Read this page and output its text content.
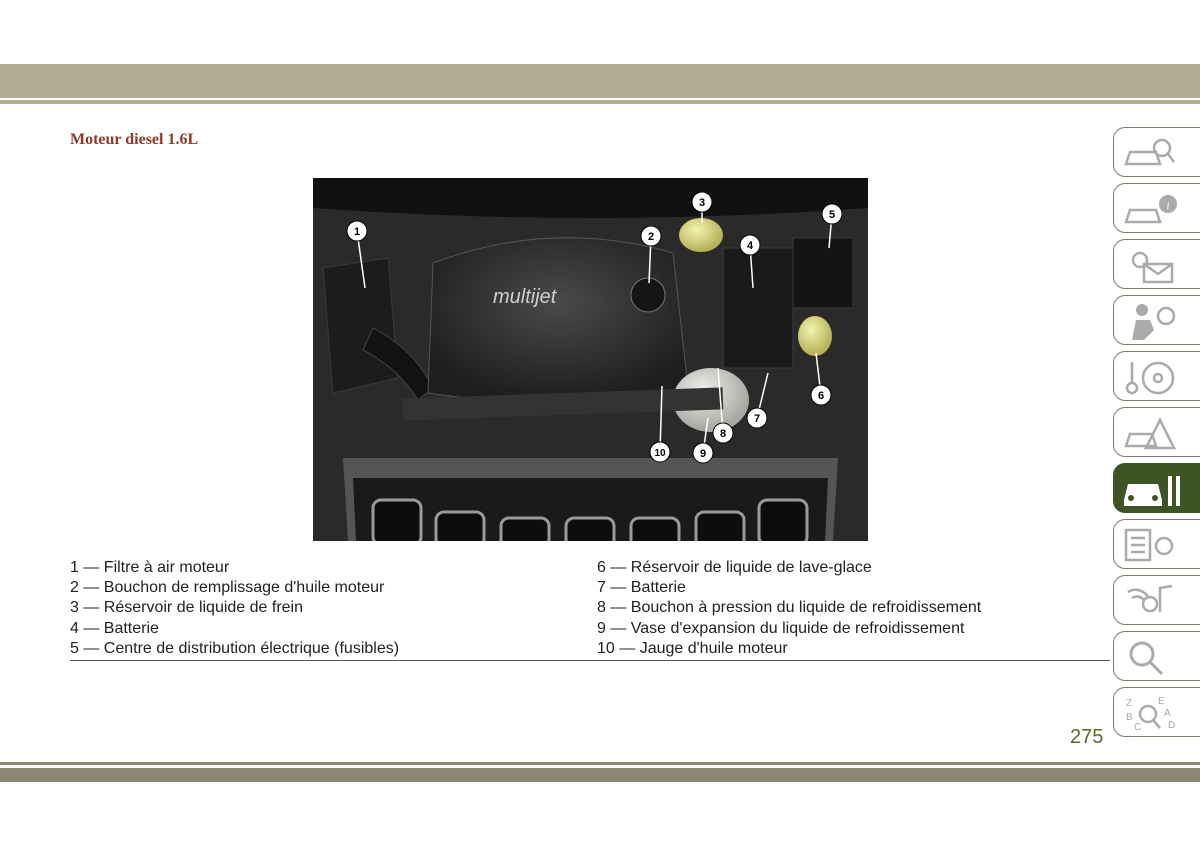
Moteur diesel 1.6L
multijet
1	2
3
4
5
6
7
8
9
10
1 — Filtre à air moteur
2 — Bouchon de remplissage d'huile moteur
3 — Réservoir de liquide de frein
4 — Batterie
5 — Centre de distribution électrique (fusibles)
6 — Réservoir de liquide de lave-glace
7 — Batterie
8 — Bouchon à pression du liquide de refroidissement
9 — Vase d'expansion du liquide de refroidissement
10 — Jauge d'huile moteur
275
i
Z	E
B	A
D
C
